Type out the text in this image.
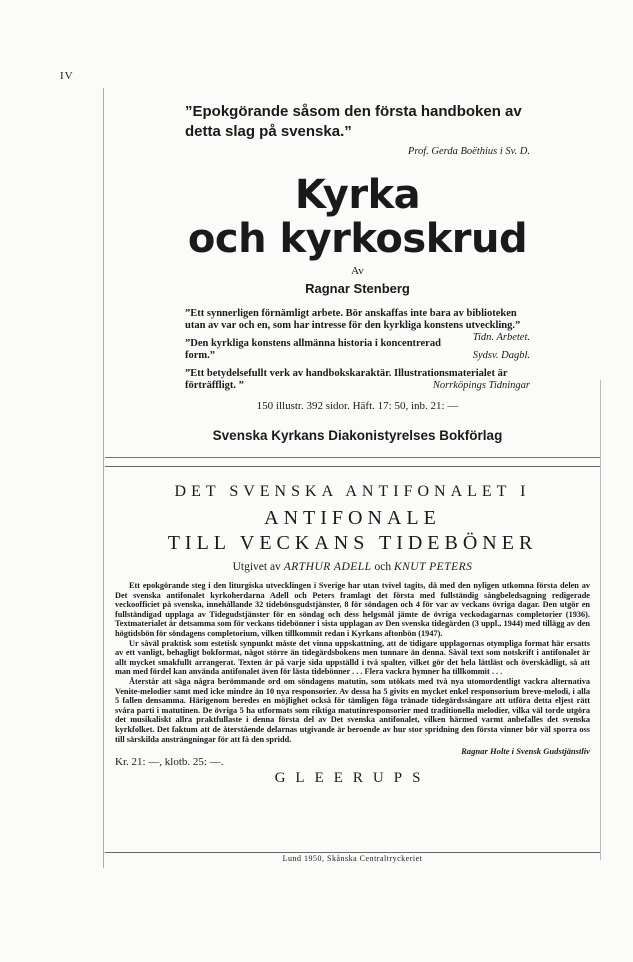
IV
”Epokgörande såsom den första handboken av detta slag på svenska.”
Prof. Gerda Boëthius i Sv. D.
Kyrka
och kyrkoskrud
Av
Ragnar Stenberg
”Ett synnerligen förnämligt arbete. Bör anskaffas inte bara av biblioteken utan av var och en, som har intresse för den kyrkliga konstens utveckling.”
Tidn. Arbetet.
”Den kyrkliga konstens allmänna historia i koncentrerad form.”	Sydsv. Dagbl.
”Ett betydelsefullt verk av handbokskaraktär. Illustrationsmaterialet är förträffligt. ”	Norrköpings Tidningar
150 illustr. 392 sidor. Häft. 17: 50, inb. 21: —
Svenska Kyrkans Diakonistyrelses Bokförlag
DET SVENSKA ANTIFONALET I
ANTIFONALE
TILL VECKANS TIDEBÖNER
Utgivet av ARTHUR ADELL och KNUT PETERS

Ett epokgörande steg i den liturgiska utvecklingen i Sverige har utan tvivel tagits, då med den nyligen utkomna första delen av Det svenska antifonalet kyrkoherdarna Adell och Peters framlagt det första med fullständig sångbeledsagning redigerade veckoofficiet på svenska, innehållande 32 tidebönsgudstjänster, 8 för söndagen och 4 för var av veckans övriga dagar. Den utgör en fullständigad upplaga av Tidegudstjänster för en söndag och dess helgsmål jämte de övriga veckodagarnas completorier (1936). Textmaterialet är detsamma som för veckans tidebönner i sista upplagan av Den svenska tidegärden (3 uppl., 1944) med tillägg av den högtidsbön för söndagens completorium, vilken tillkommit redan i Kyrkans aftonbön (1947).

Ur såväl praktisk som estetisk synpunkt måste det vinna uppskattning, att de tidigare upplagornas otympliga format här ersatts av ett vanligt, behagligt bokformat, något större än tidegärdsbokens men tunnare än denna. Såväl text som notskrift i antifonalet är allt mycket smakfullt arrangerat. Texten är på varje sida uppställd i två spalter, vilket gör det hela lättläst och överskådligt, så att man med fördel kan använda antifonalet även för lästa tidebönner . . . Flera vackra hymner ha tillkommit . . .

Återstår att säga några berömmande ord om söndagens matutin, som utökats med två nya utomordentligt vackra alternativa Venite-melodier samt med icke mindre än 10 nya responsorier. Av dessa ha 5 givits en mycket enkel responsorium breve-melodi, i alla 5 fallen densamma. Härigenom beredes en möjlighet också för tämligen föga tränade tidegärdssångare att utföra detta eljest rätt svåra parti i matutinen. De övriga 5 ha utformats som riktiga matutinresponsorier med traditionella melodier, vilka väl torde utgöra det musikaliskt allra praktfullaste i denna första del av Det svenska antifonalet, vilken härmed varmt anbefalles det svenska kyrkfolket. Det faktum att de återstående delarnas utgivande är beroende av hur stor spridning den första vinner bör väl sporra oss till särskilda ansträngningar för att få den spridd.

Ragnar Holte i Svensk Gudstjänstliv
Kr. 21: —, klotb. 25: —.
GLEERUPS
Lund 1950, Skånska Centraltryckeriet
